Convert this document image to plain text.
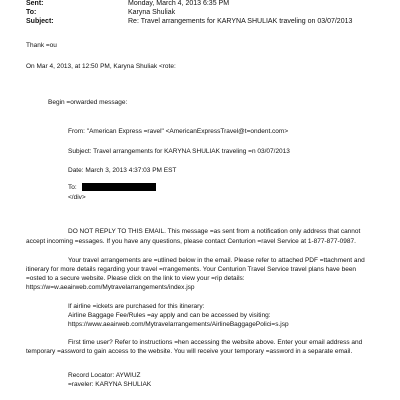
Sent:	Monday, March 4, 2013 6:35 PM
To:	Karyna Shuliak
Subject:	Re: Travel arrangements for KARYNA SHULIAK traveling on 03/07/2013
Thank =ou
On Mar 4, 2013, at 12:50 PM, Karyna Shuliak <rote:
Begin =orwarded message:
From: "American Express =ravel" <AmericanExpressTravel@t=ondent.com>
Subject: Travel arrangements for KARYNA SHULIAK traveling =n 03/07/2013
Date: March 3, 2013 4:37:03 PM EST
To:
</div>
DO NOT REPLY TO THIS EMAIL. This message =as sent from a notification only address that cannot
accept incoming =essages. If you have any questions, please contact Centurion =ravel Service at 1-877-877-0987.
Your travel arrangements are =utlined below in the email. Please refer to attached PDF =ttachment and
itinerary for more details regarding your travel =rrangements. Your Centurion Travel Service travel plans have been
=osted to a secure website. Please click on the link to view your =rip details:
https://w=w.aeairweb.com/Mytravelarrangements/index.jsp
If airline =ickets are purchased for this itinerary:
Airline Baggage Fee/Rules =ay apply and can be accessed by visiting:
https://www.aeairweb.com/Mytravelarrangements/AirlineBaggagePolici=s.jsp
First time user? Refer to instructions =hen accessing the website above. Enter your email address and
temporary =assword to gain access to the website. You will receive your temporary =assword in a separate email.
Record Locator: AYWIUZ
=raveler: KARYNA SHULIAK
